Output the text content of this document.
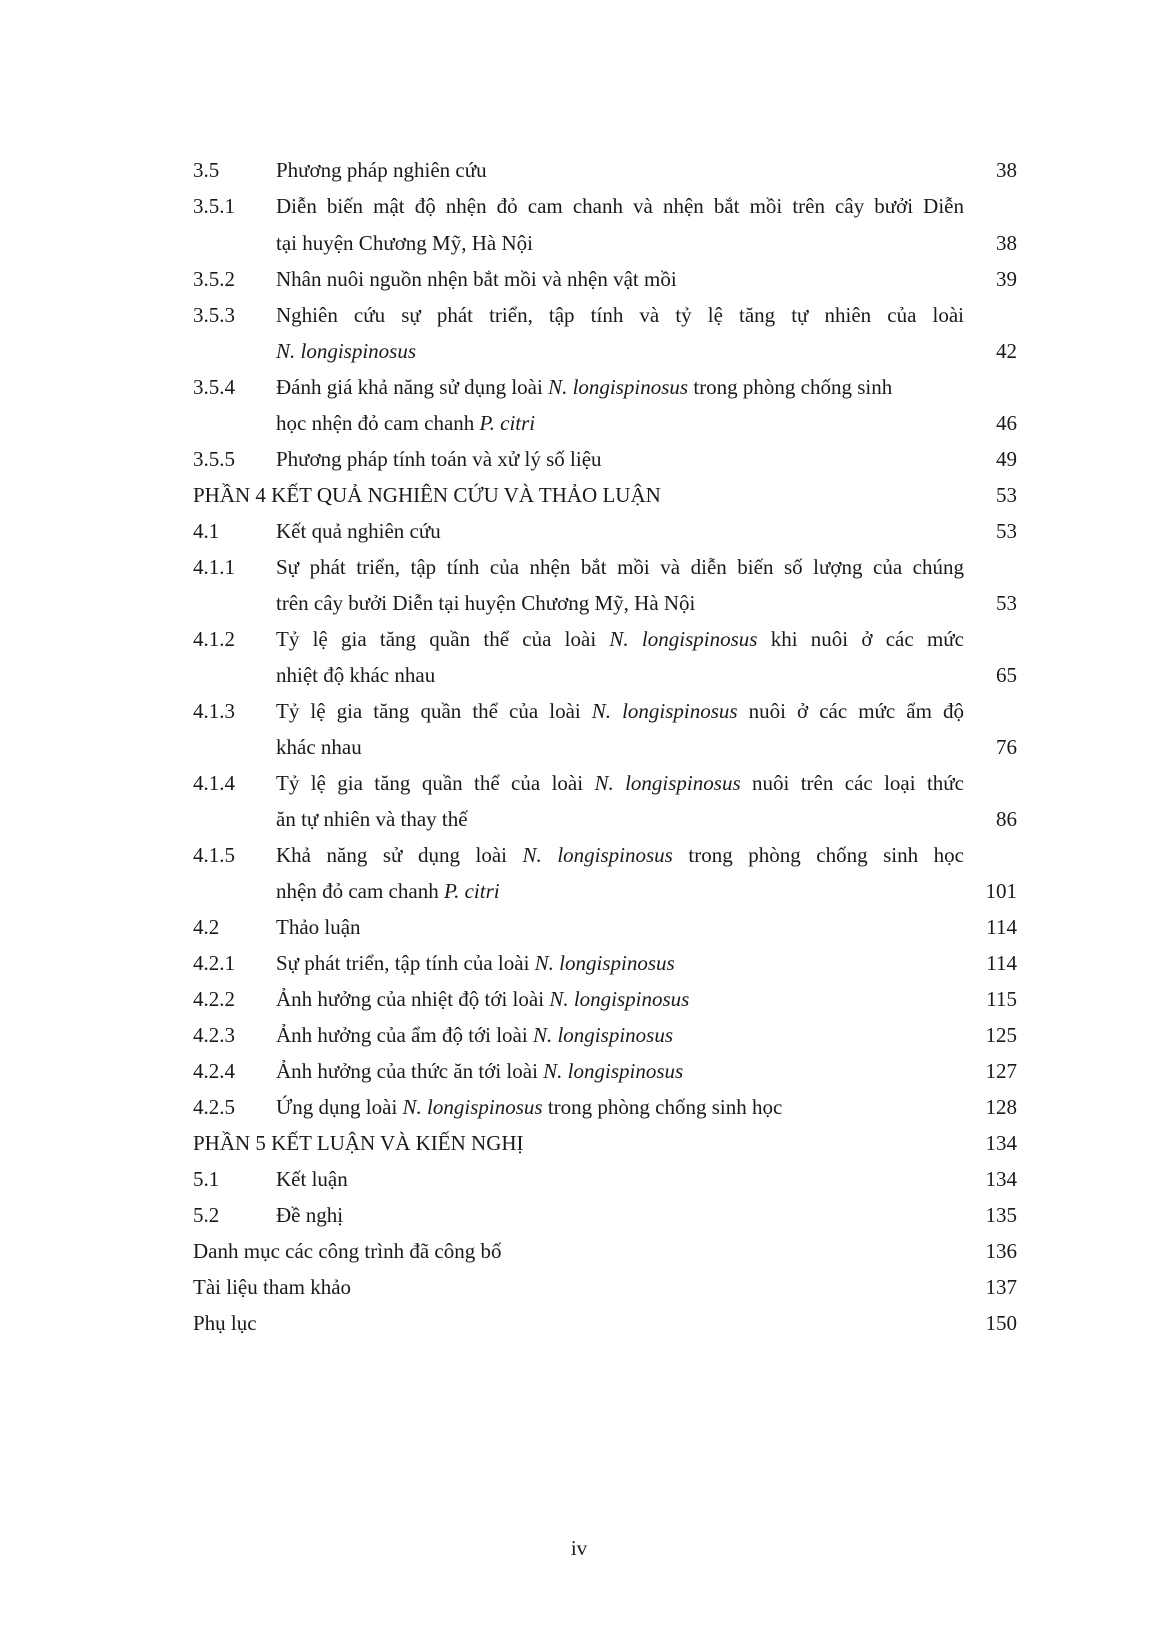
3.5	Phương pháp nghiên cứu	38
3.5.1 Diễn biến mật độ nhện đỏ cam chanh và nhện bắt mồi trên cây bưởi Diễn
tại huyện Chương Mỹ, Hà Nội	38
3.5.2 Nhân nuôi nguồn nhện bắt mồi và nhện vật mồi	39
3.5.3 Nghiên cứu sự phát triển, tập tính và tỷ lệ tăng tự nhiên của loài
N. longispinosus	42
3.5.4 Đánh giá khả năng sử dụng loài N. longispinosus trong phòng chống sinh
học nhện đỏ cam chanh P. citri	46
3.5.5 Phương pháp tính toán và xử lý số liệu	49
PHẦN 4 KẾT QUẢ NGHIÊN CỨU VÀ THẢO LUẬN	53
4.1	Kết quả nghiên cứu	53
4.1.1 Sự phát triển, tập tính của nhện bắt mồi và diễn biến số lượng của chúng
trên cây bưởi Diễn tại huyện Chương Mỹ, Hà Nội	53
4.1.2 Tỷ lệ gia tăng quần thể của loài N. longispinosus khi nuôi ở các mức
nhiệt độ khác nhau	65
4.1.3 Tỷ lệ gia tăng quần thể của loài N. longispinosus nuôi ở các mức ẩm độ
khác nhau	76
4.1.4 Tỷ lệ gia tăng quần thể của loài N. longispinosus nuôi trên các loại thức
ăn tự nhiên và thay thế	86
4.1.5 Khả năng sử dụng loài N. longispinosus trong phòng chống sinh học
nhện đỏ cam chanh P. citri	101
4.2	Thảo luận	114
4.2.1 Sự phát triển, tập tính của loài N. longispinosus	114
4.2.2 Ảnh hưởng của nhiệt độ tới loài N. longispinosus	115
4.2.3 Ảnh hưởng của ẩm độ tới loài N. longispinosus	125
4.2.4 Ảnh hưởng của thức ăn tới loài N. longispinosus	127
4.2.5 Ứng dụng loài N. longispinosus trong phòng chống sinh học	128
PHẦN 5 KẾT LUẬN VÀ KIẾN NGHỊ	134
5.1	Kết luận	134
5.2	Đề nghị	135
Danh mục các công trình đã công bố	136
Tài liệu tham khảo	137
Phụ lục	150
iv
